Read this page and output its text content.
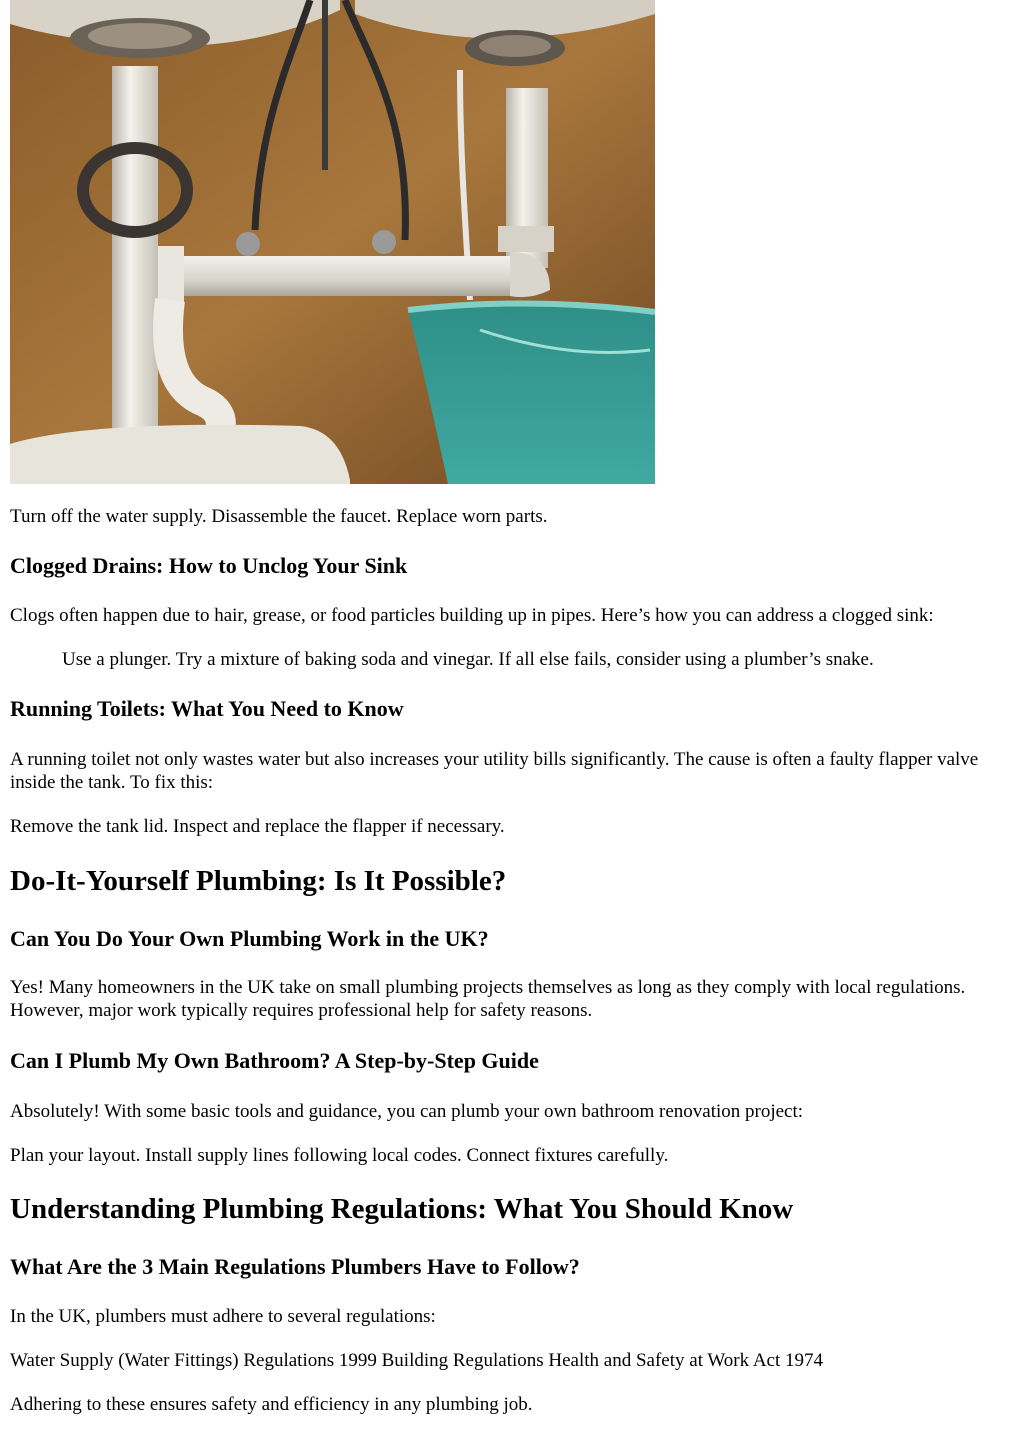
Turn off the water supply. Disassemble the faucet. Replace worn parts.

Clogged Drains: How to Unclog Your Sink

Clogs often happen due to hair, grease, or food particles building up in pipes. Here’s how you can address a clogged sink:

Use a plunger. Try a mixture of baking soda and vinegar. If all else fails, consider using a plumber’s snake.

Running Toilets: What You Need to Know

A running toilet not only wastes water but also increases your utility bills significantly. The cause is often a faulty flapper valve inside the tank. To fix this:

Remove the tank lid. Inspect and replace the flapper if necessary.

Do-It-Yourself Plumbing: Is It Possible?
Can You Do Your Own Plumbing Work in the UK?

Yes! Many homeowners in the UK take on small plumbing projects themselves as long as they comply with local regulations. However, major work typically requires professional help for safety reasons.

Can I Plumb My Own Bathroom? A Step-by-Step Guide

Absolutely! With some basic tools and guidance, you can plumb your own bathroom renovation project:

Plan your layout. Install supply lines following local codes. Connect fixtures carefully.

Understanding Plumbing Regulations: What You Should Know
What Are the 3 Main Regulations Plumbers Have to Follow?

In the UK, plumbers must adhere to several regulations:

Water Supply (Water Fittings) Regulations 1999 Building Regulations Health and Safety at Work Act 1974

Adhering to these ensures safety and efficiency in any plumbing job.
